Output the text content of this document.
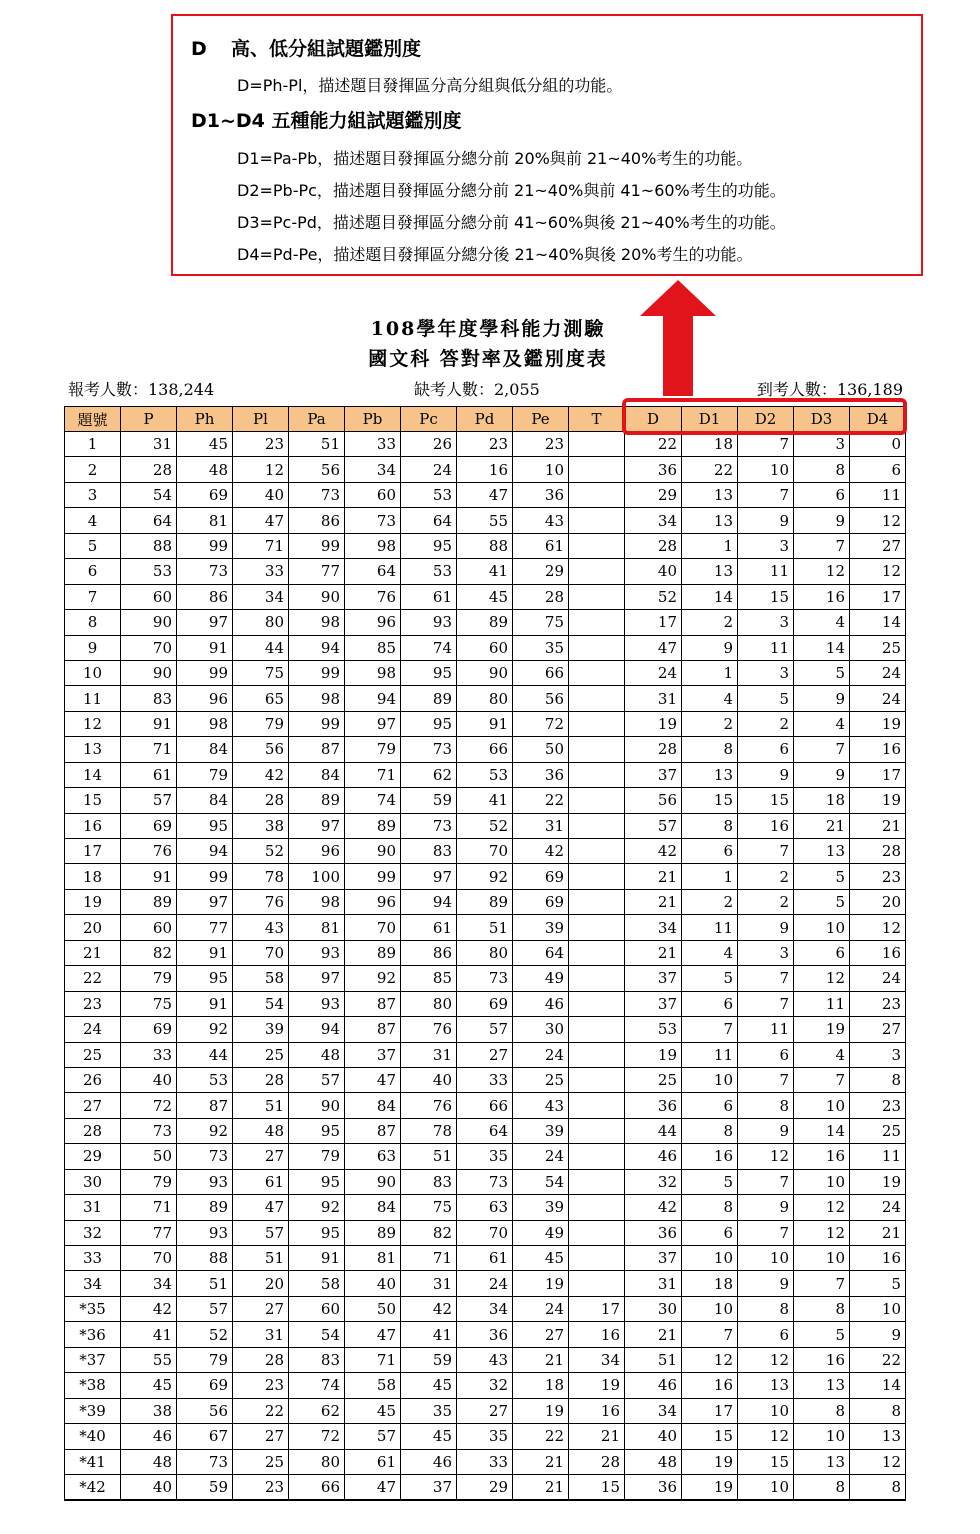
D 高、低分組試題鑑別度
D=Ph-Pl，描述題目發揮區分高分組與低分組的功能。
D1~D4 五種能力組試題鑑別度
D1=Pa-Pb，描述題目發揮區分總分前 20%與前 21~40%考生的功能。
D2=Pb-Pc，描述題目發揮區分總分前 21~40%與前 41~60%考生的功能。
D3=Pc-Pd，描述題目發揮區分總分前 41~60%與後 21~40%考生的功能。
D4=Pd-Pe，描述題目發揮區分總分後 21~40%與後 20%考生的功能。
108學年度學科能力測驗
國文科 答對率及鑑別度表
報考人數：138,244	缺考人數：2,055	到考人數：136,189
題號	P	Ph	Pl	Pa	Pb	Pc	Pd	Pe	T	D	D1	D2	D3	D4
1	31	45	23	51	33	26	23	23		22	18	7	3	0
2	28	48	12	56	34	24	16	10		36	22	10	8	6
3	54	69	40	73	60	53	47	36		29	13	7	6	11
4	64	81	47	86	73	64	55	43		34	13	9	9	12
5	88	99	71	99	98	95	88	61		28	1	3	7	27
6	53	73	33	77	64	53	41	29		40	13	11	12	12
7	60	86	34	90	76	61	45	28		52	14	15	16	17
8	90	97	80	98	96	93	89	75		17	2	3	4	14
9	70	91	44	94	85	74	60	35		47	9	11	14	25
10	90	99	75	99	98	95	90	66		24	1	3	5	24
11	83	96	65	98	94	89	80	56		31	4	5	9	24
12	91	98	79	99	97	95	91	72		19	2	2	4	19
13	71	84	56	87	79	73	66	50		28	8	6	7	16
14	61	79	42	84	71	62	53	36		37	13	9	9	17
15	57	84	28	89	74	59	41	22		56	15	15	18	19
16	69	95	38	97	89	73	52	31		57	8	16	21	21
17	76	94	52	96	90	83	70	42		42	6	7	13	28
18	91	99	78	100	99	97	92	69		21	1	2	5	23
19	89	97	76	98	96	94	89	69		21	2	2	5	20
20	60	77	43	81	70	61	51	39		34	11	9	10	12
21	82	91	70	93	89	86	80	64		21	4	3	6	16
22	79	95	58	97	92	85	73	49		37	5	7	12	24
23	75	91	54	93	87	80	69	46		37	6	7	11	23
24	69	92	39	94	87	76	57	30		53	7	11	19	27
25	33	44	25	48	37	31	27	24		19	11	6	4	3
26	40	53	28	57	47	40	33	25		25	10	7	7	8
27	72	87	51	90	84	76	66	43		36	6	8	10	23
28	73	92	48	95	87	78	64	39		44	8	9	14	25
29	50	73	27	79	63	51	35	24		46	16	12	16	11
30	79	93	61	95	90	83	73	54		32	5	7	10	19
31	71	89	47	92	84	75	63	39		42	8	9	12	24
32	77	93	57	95	89	82	70	49		36	6	7	12	21
33	70	88	51	91	81	71	61	45		37	10	10	10	16
34	34	51	20	58	40	31	24	19		31	18	9	7	5
*35	42	57	27	60	50	42	34	24	17	30	10	8	8	10
*36	41	52	31	54	47	41	36	27	16	21	7	6	5	9
*37	55	79	28	83	71	59	43	21	34	51	12	12	16	22
*38	45	69	23	74	58	45	32	18	19	46	16	13	13	14
*39	38	56	22	62	45	35	27	19	16	34	17	10	8	8
*40	46	67	27	72	57	45	35	22	21	40	15	12	10	13
*41	48	73	25	80	61	46	33	21	28	48	19	15	13	12
*42	40	59	23	66	47	37	29	21	15	36	19	10	8	8
